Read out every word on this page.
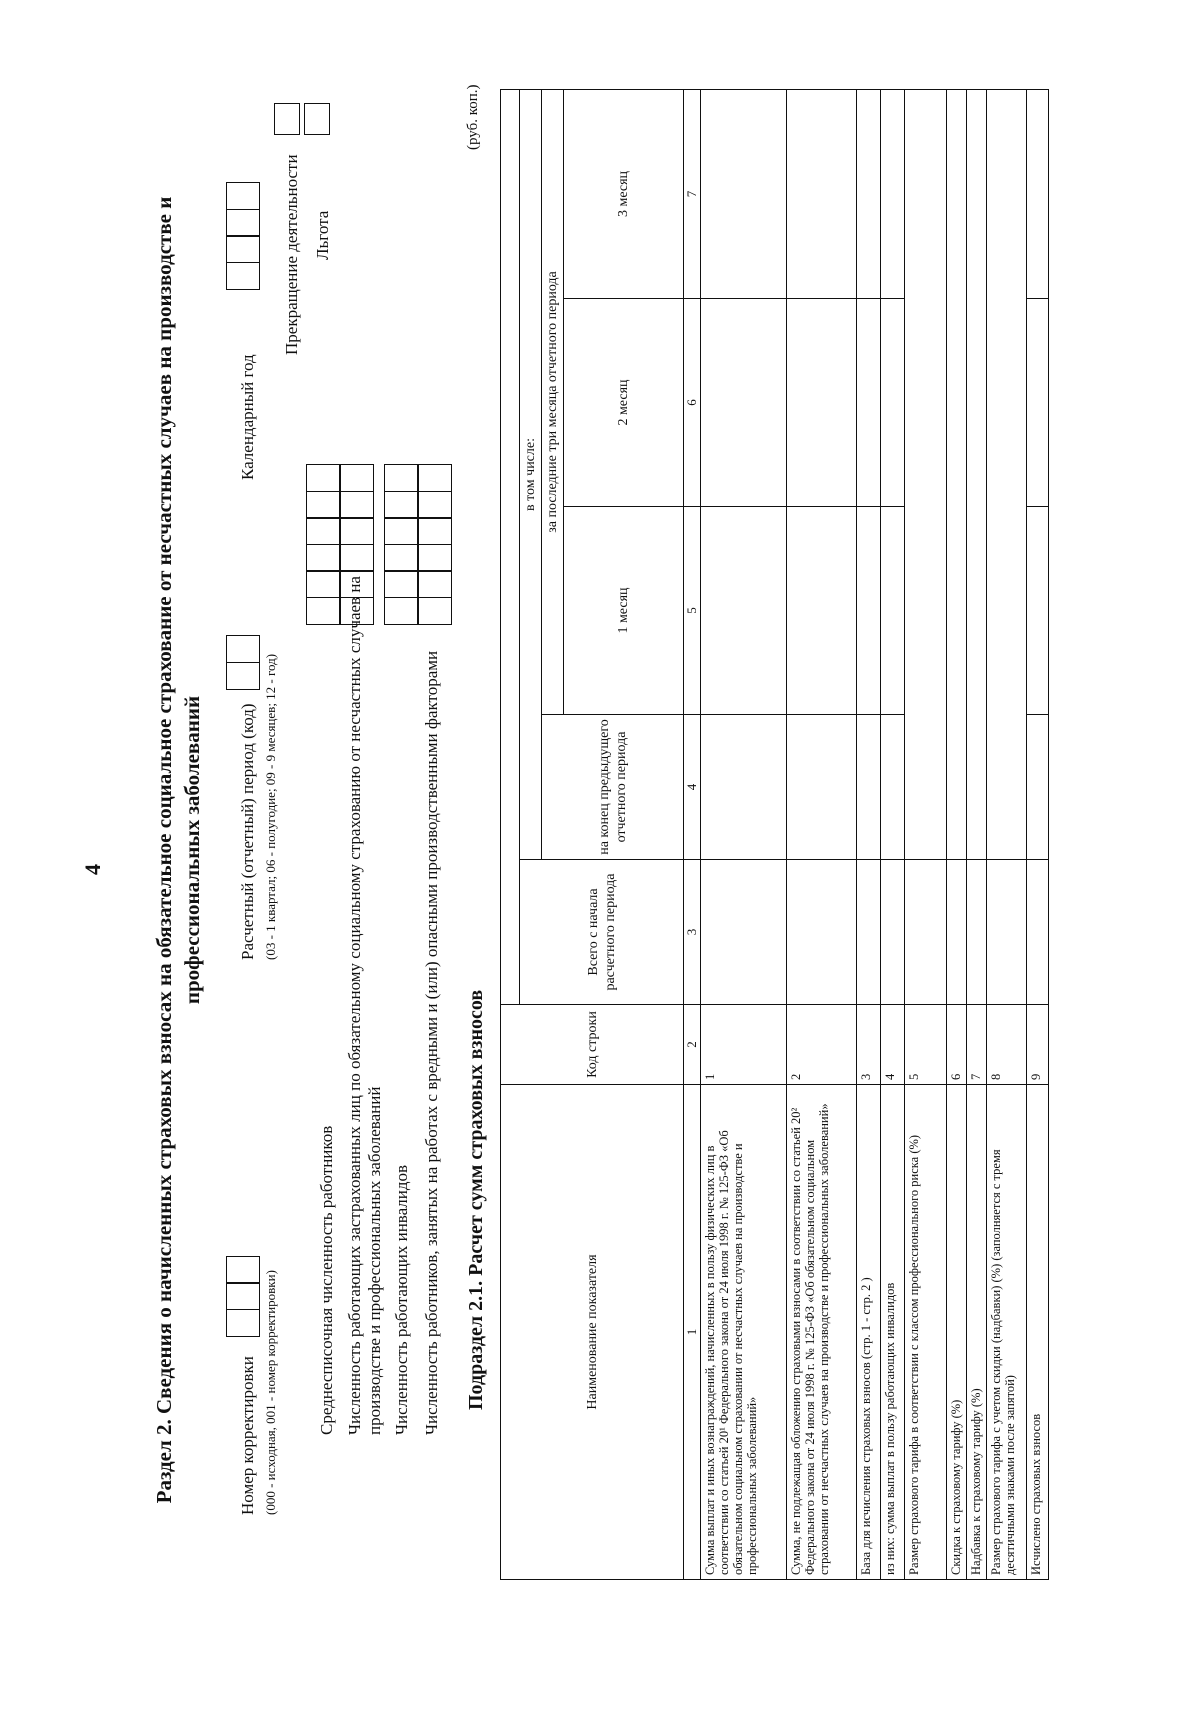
4 Раздел 2. Сведения о начисленных страховых взносах на обязательное социальное страхование от несчастных случаев на производстве и профессиональных заболеваний
Номер корректировки (000 - исходная, 001 - номер корректировки)
Расчетный (отчетный) период (код) (03 - 1 квартал; 06 - полугодие; 09 - 9 месяцев; 12 - год)
Календарный год
Прекращение деятельности Льгота
Среднесписочная численность работников Численность работающих застрахованных лиц по обязательному социальному страхованию от несчастных случаев на производстве и профессиональных заболеваний Численность работающих инвалидов Численность работников, занятых на работах с вредными и (или) опасными производственными факторами Подраздел 2.1. Расчет сумм страховых взносов
(руб. коп.)
Наименование показателя	Код строки					
		Всего с начала расчетного периода	в том числе:			
			на конец предыдущего отчетного периода	за последние три месяца отчетного периода		
				1 месяц	2 месяц	3 месяц
1	2	3	4	5	6	7
Сумма выплат и иных вознаграждений, начисленных в пользу физических лиц в соответствии со статьей 20¹ Федерального закона от 24 июля 1998 г. № 125-ФЗ «Об обязательном социальном страховании от несчастных случаев на производстве и профессиональных заболеваний»	1					
Сумма, не подлежащая обложению страховыми взносами в соответствии со статьей 20² Федерального закона от 24 июля 1998 г. № 125-ФЗ «Об обязательном социальном страховании от несчастных случаев на производстве и профессиональных заболеваний»	2					
База для исчисления страховых взносов (стр. 1 - стр. 2 )	3					
из них: сумма выплат в пользу работающих инвалидов	4					
Размер страхового тарифа в соответствии с классом профессионального риска (%)	5					
Скидка к страховому тарифу (%)	6					
Надбавка к страховому тарифу (%)	7					
Размер страхового тарифа с учетом скидки (надбавки) (%) (заполняется с тремя десятичными знаками после запятой)	8					
Исчислено страховых взносов	9					
